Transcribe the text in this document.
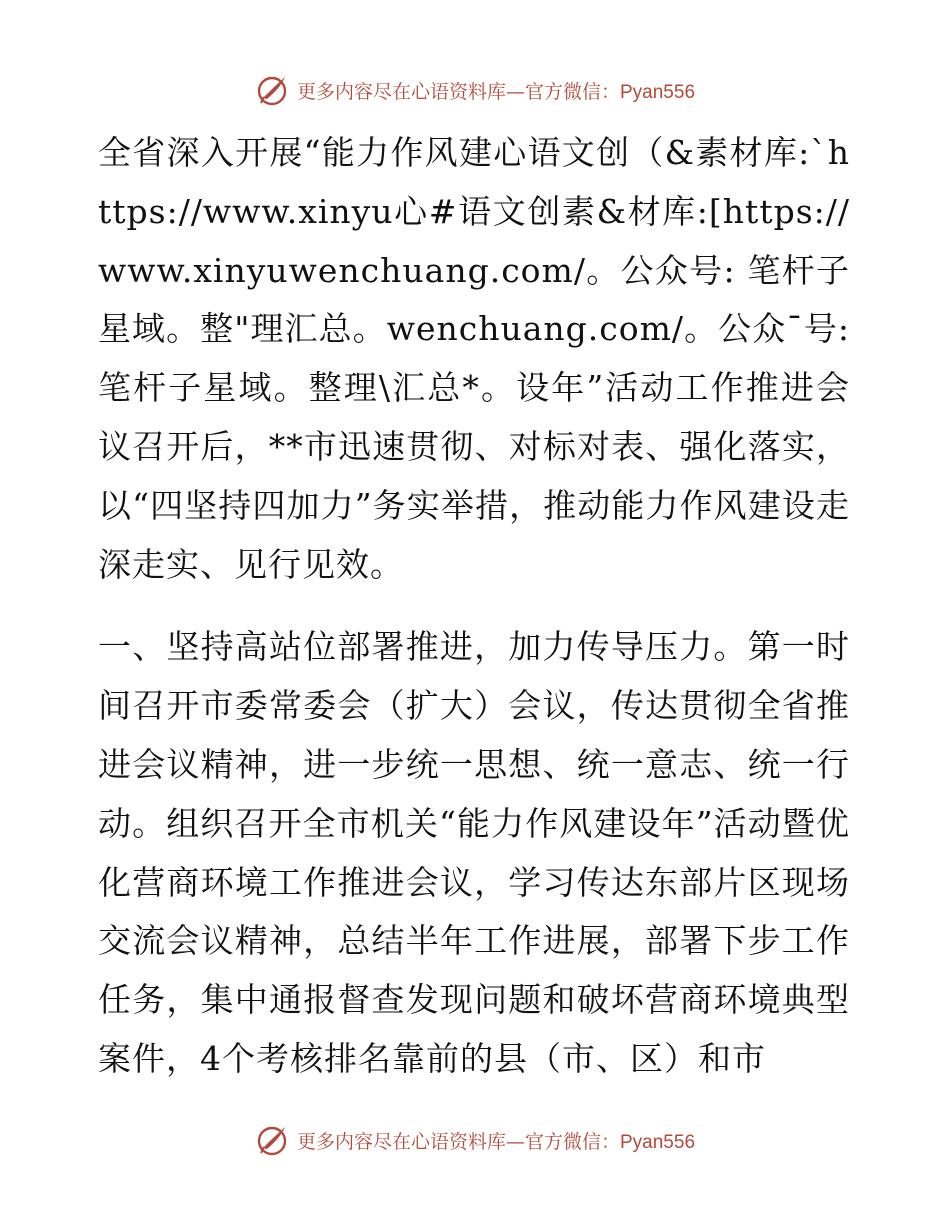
更多内容尽在心语资料库—官方微信：Pyan556

全省深入开展“能力作风建心语文创（&素材库:`https://www.xinyu心#语文创素&材库:[https://www.xinyuwenchuang.com/。公众号: 笔杆子星域。整"理汇总。wenchuang.com/。公众¯号: 笔杆子星域。整理\汇总*。设年”活动工作推进会议召开后，**市迅速贯彻、对标对表、强化落实，以“四坚持四加力”务实举措，推动能力作风建设走深走实、见行见效。

一、坚持高站位部署推进，加力传导压力。第一时间召开市委常委会（扩大）会议，传达贯彻全省推进会议精神，进一步统一思想、统一意志、统一行动。组织召开全市机关“能力作风建设年”活动暨优化营商环境工作推进会议，学习传达东部片区现场交流会议精神，总结半年工作进展，部署下步工作任务，集中通报督查发现问题和破坏营商环境典型案件，4个考核排名靠前的县（市、区）和市

更多内容尽在心语资料库—官方微信：Pyan556
